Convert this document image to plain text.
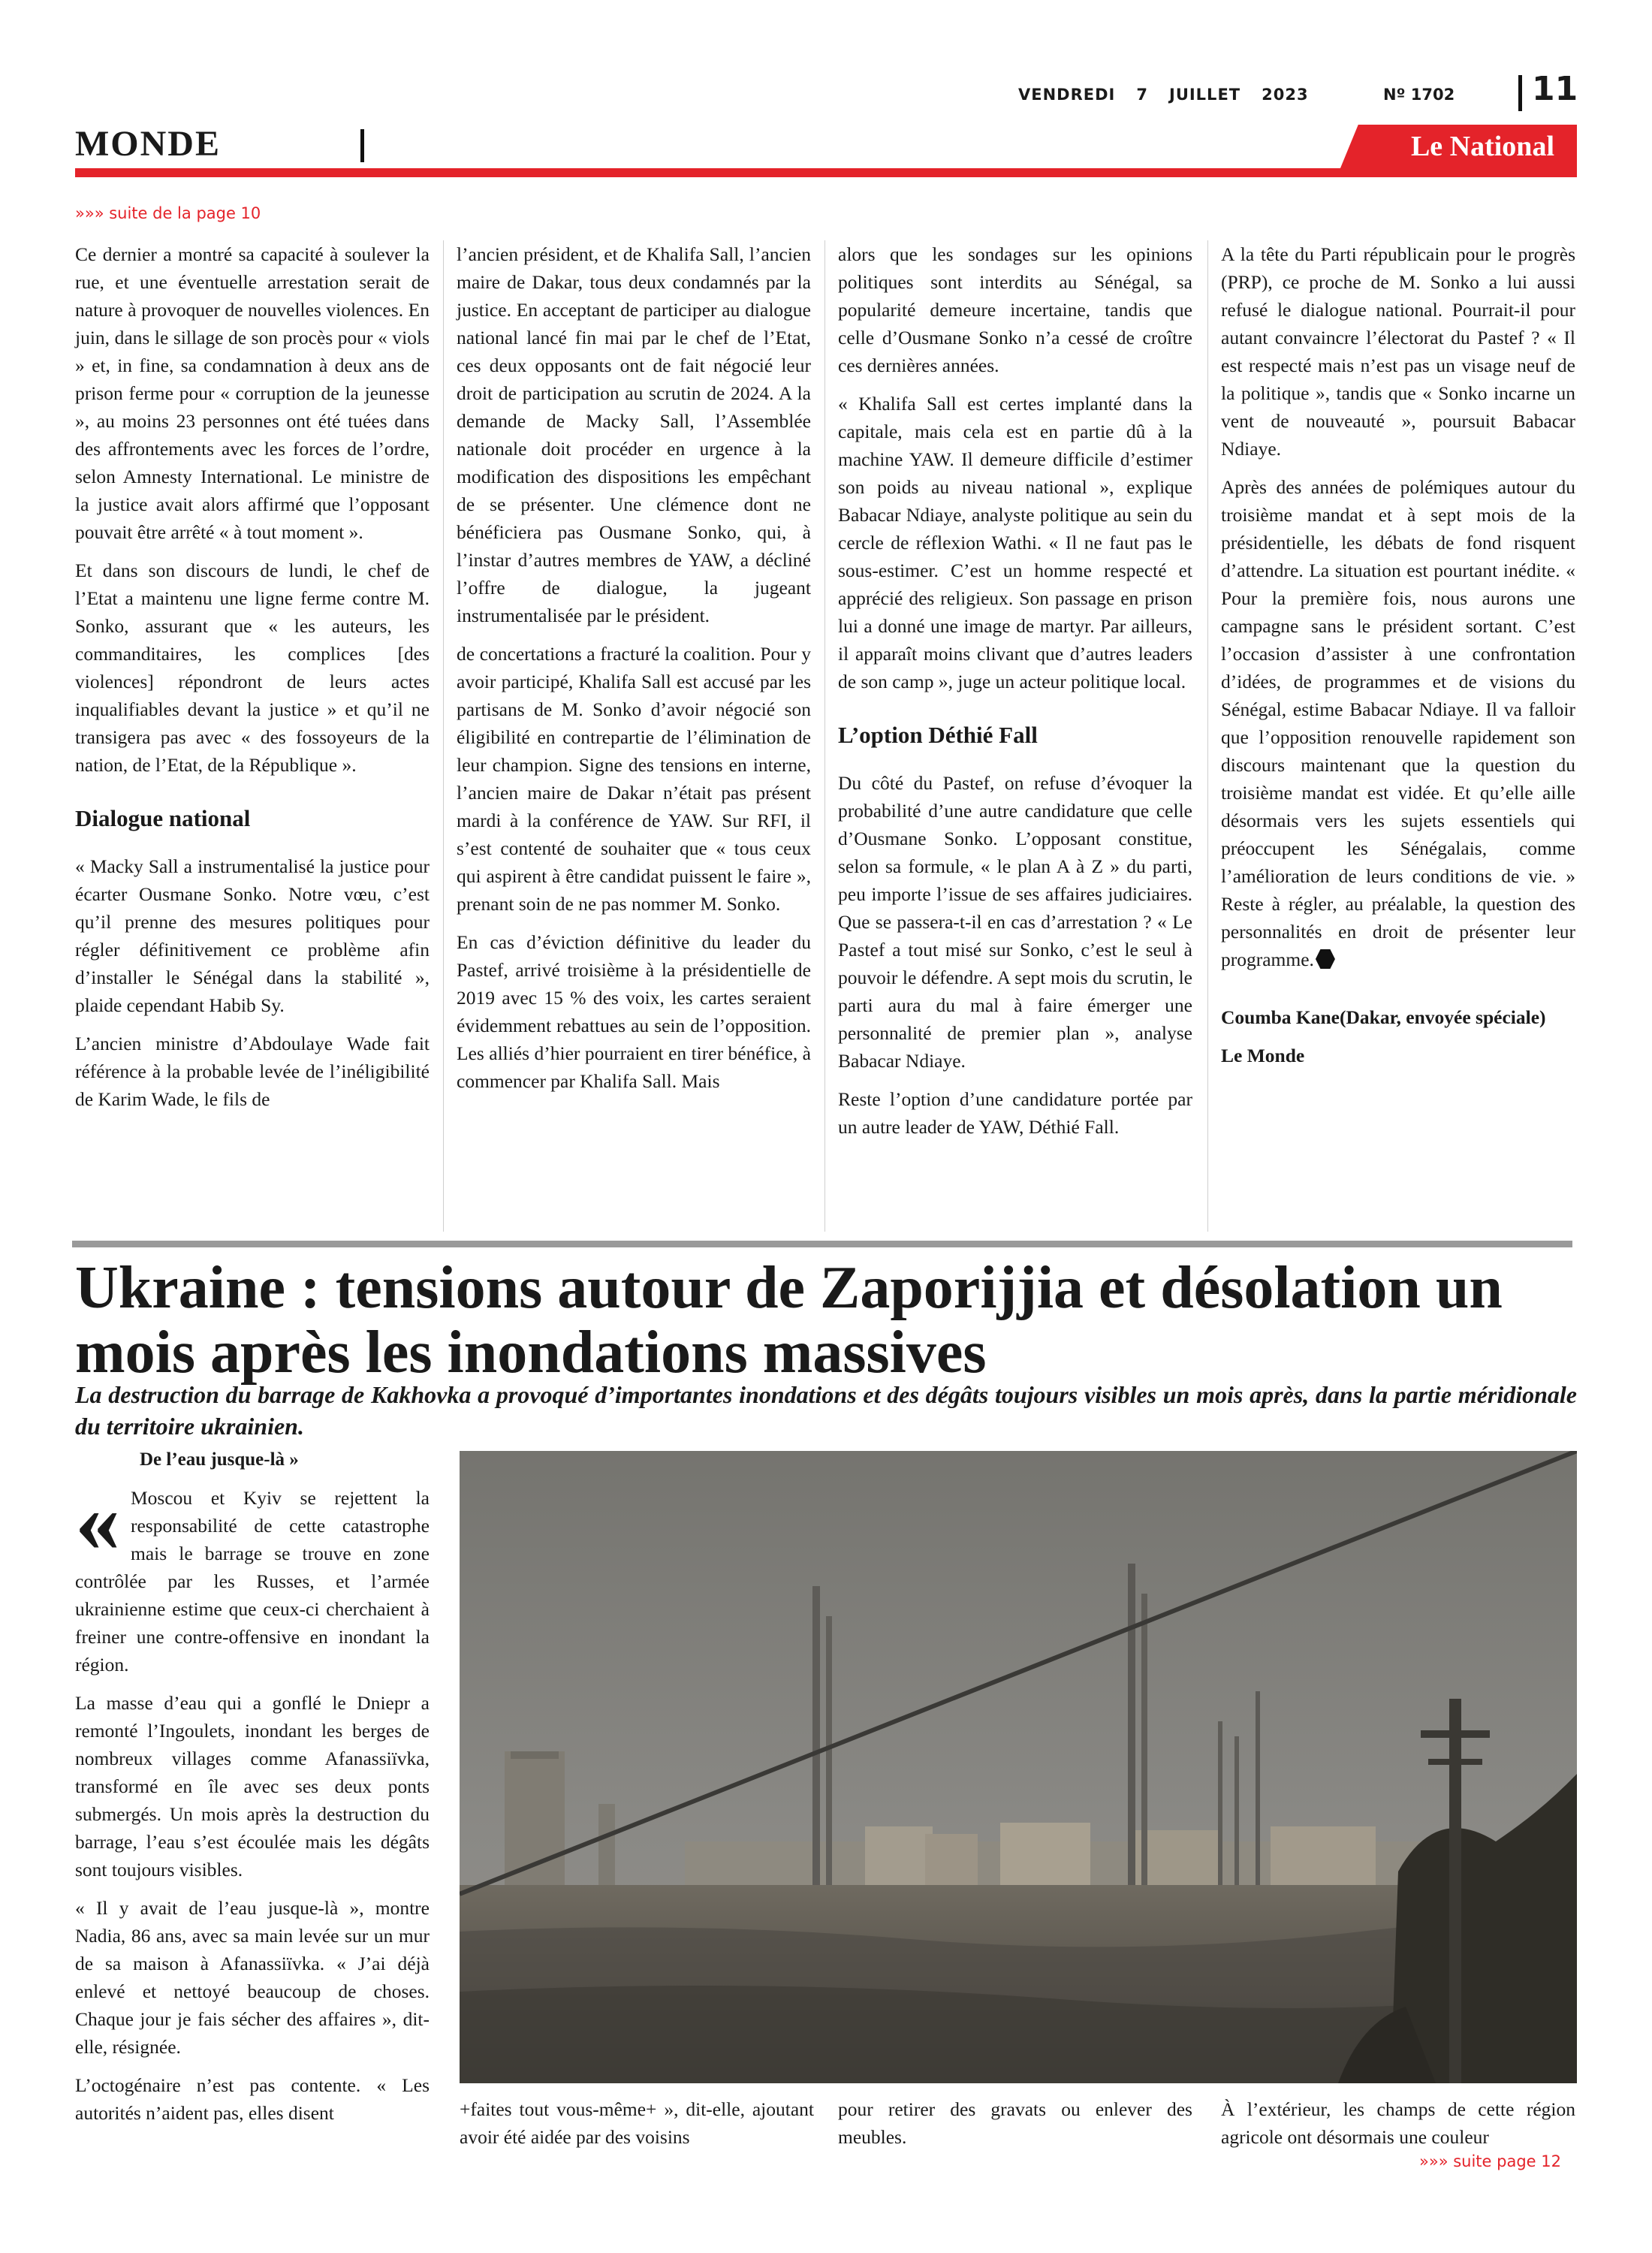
VENDREDI 7 JUILLET 2023	Nº 1702 11
MONDE	Le National
»»» suite de la page 10

Ce dernier a montré sa capacité à soulever la rue, et une éventuelle arrestation serait de nature à provoquer de nouvelles violences. En juin, dans le sillage de son procès pour « viols » et, in fine, sa condamnation à deux ans de prison ferme pour « corruption de la jeunesse », au moins 23 personnes ont été tuées dans des affrontements avec les forces de l’ordre, selon Amnesty International. Le ministre de la justice avait alors affirmé que l’opposant pouvait être arrêté « à tout moment ».

Et dans son discours de lundi, le chef de l’Etat a maintenu une ligne ferme contre M. Sonko, assurant que « les auteurs, les commanditaires, les complices [des violences] répondront de leurs actes inqualifiables devant la justice » et qu’il ne transigera pas avec « des fossoyeurs de la nation, de l’Etat, de la République ».

Dialogue national

« Macky Sall a instrumentalisé la justice pour écarter Ousmane Sonko. Notre vœu, c’est qu’il prenne des mesures politiques pour régler définitivement ce problème afin d’installer le Sénégal dans la stabilité », plaide cependant Habib Sy.

L’ancien ministre d’Abdoulaye Wade fait référence à la probable levée de l’inéligibilité de Karim Wade, le fils de

l’ancien président, et de Khalifa Sall, l’ancien maire de Dakar, tous deux condamnés par la justice. En acceptant de participer au dialogue national lancé fin mai par le chef de l’Etat, ces deux opposants ont de fait négocié leur droit de participation au scrutin de 2024. A la demande de Macky Sall, l’Assemblée nationale doit procéder en urgence à la modification des dispositions les empêchant de se présenter. Une clémence dont ne bénéficiera pas Ousmane Sonko, qui, à l’instar d’autres membres de YAW, a décliné l’offre de dialogue, la jugeant instrumentalisée par le président.

de concertations a fracturé la coalition. Pour y avoir participé, Khalifa Sall est accusé par les partisans de M. Sonko d’avoir négocié son éligibilité en contrepartie de l’élimination de leur champion. Signe des tensions en interne, l’ancien maire de Dakar n’était pas présent mardi à la conférence de YAW. Sur RFI, il s’est contenté de souhaiter que « tous ceux qui aspirent à être candidat puissent le faire », prenant soin de ne pas nommer M. Sonko.

En cas d’éviction définitive du leader du Pastef, arrivé troisième à la présidentielle de 2019 avec 15 % des voix, les cartes seraient évidemment rebattues au sein de l’opposition. Les alliés d’hier pourraient en tirer bénéfice, à commencer par Khalifa Sall. Mais

alors que les sondages sur les opinions politiques sont interdits au Sénégal, sa popularité demeure incertaine, tandis que celle d’Ousmane Sonko n’a cessé de croître ces dernières années.

« Khalifa Sall est certes implanté dans la capitale, mais cela est en partie dû à la machine YAW. Il demeure difficile d’estimer son poids au niveau national », explique Babacar Ndiaye, analyste politique au sein du cercle de réflexion Wathi. « Il ne faut pas le sous-estimer. C’est un homme respecté et apprécié des religieux. Son passage en prison lui a donné une image de martyr. Par ailleurs, il apparaît moins clivant que d’autres leaders de son camp », juge un acteur politique local.

L’option Déthié Fall

Du côté du Pastef, on refuse d’évoquer la probabilité d’une autre candidature que celle d’Ousmane Sonko. L’opposant constitue, selon sa formule, « le plan A à Z » du parti, peu importe l’issue de ses affaires judiciaires. Que se passera-t-il en cas d’arrestation ? « Le Pastef a tout misé sur Sonko, c’est le seul à pouvoir le défendre. A sept mois du scrutin, le parti aura du mal à faire émerger une personnalité de premier plan », analyse Babacar Ndiaye.

Reste l’option d’une candidature portée par un autre leader de YAW, Déthié Fall.

A la tête du Parti républicain pour le progrès (PRP), ce proche de M. Sonko a lui aussi refusé le dialogue national. Pourrait-il pour autant convaincre l’électorat du Pastef ? « Il est respecté mais n’est pas un visage neuf de la politique », tandis que « Sonko incarne un vent de nouveauté », poursuit Babacar Ndiaye.

Après des années de polémiques autour du troisième mandat et à sept mois de la présidentielle, les débats de fond risquent d’attendre. La situation est pourtant inédite. « Pour la première fois, nous aurons une campagne sans le président sortant. C’est l’occasion d’assister à une confrontation d’idées, de programmes et de visions du Sénégal, estime Babacar Ndiaye. Il va falloir que l’opposition renouvelle rapidement son discours maintenant que la question du troisième mandat est vidée. Et qu’elle aille désormais vers les sujets essentiels qui préoccupent les Sénégalais, comme l’amélioration de leurs conditions de vie. » Reste à régler, au préalable, la question des personnalités en droit de présenter leur programme.

Coumba Kane(Dakar, envoyée spéciale)

Le Monde

Ukraine : tensions autour de Zaporijjia et désolation un mois après les inondations massives
La destruction du barrage de Kakhovka a provoqué d’importantes inondations et des dégâts toujours visibles un mois après, dans la partie méridionale du territoire ukrainien.
De l’eau jusque-là »
« Moscou et Kyiv se rejettent la responsabilité de cette catastrophe mais le barrage se trouve en zone contrôlée par les Russes, et l’armée ukrainienne estime que ceux-ci cherchaient à freiner une contre-offensive en inondant la région.

La masse d’eau qui a gonflé le Dniepr a remonté l’Ingoulets, inondant les berges de nombreux villages comme Afanassiïvka, transformé en île avec ses deux ponts submergés. Un mois après la destruction du barrage, l’eau s’est écoulée mais les dégâts sont toujours visibles.

« Il y avait de l’eau jusque-là », montre Nadia, 86 ans, avec sa main levée sur un mur de sa maison à Afanassiïvka. « J’ai déjà enlevé et nettoyé beaucoup de choses. Chaque jour je fais sécher des affaires », dit-elle, résignée.

L’octogénaire n’est pas contente. « Les autorités n’aident pas, elles disent	+faites tout vous-même+ », dit-elle, ajoutant avoir été aidée par des voisins

pour retirer des gravats ou enlever des meubles.

À l’extérieur, les champs de cette région agricole ont désormais une couleur

»»» suite page 12
